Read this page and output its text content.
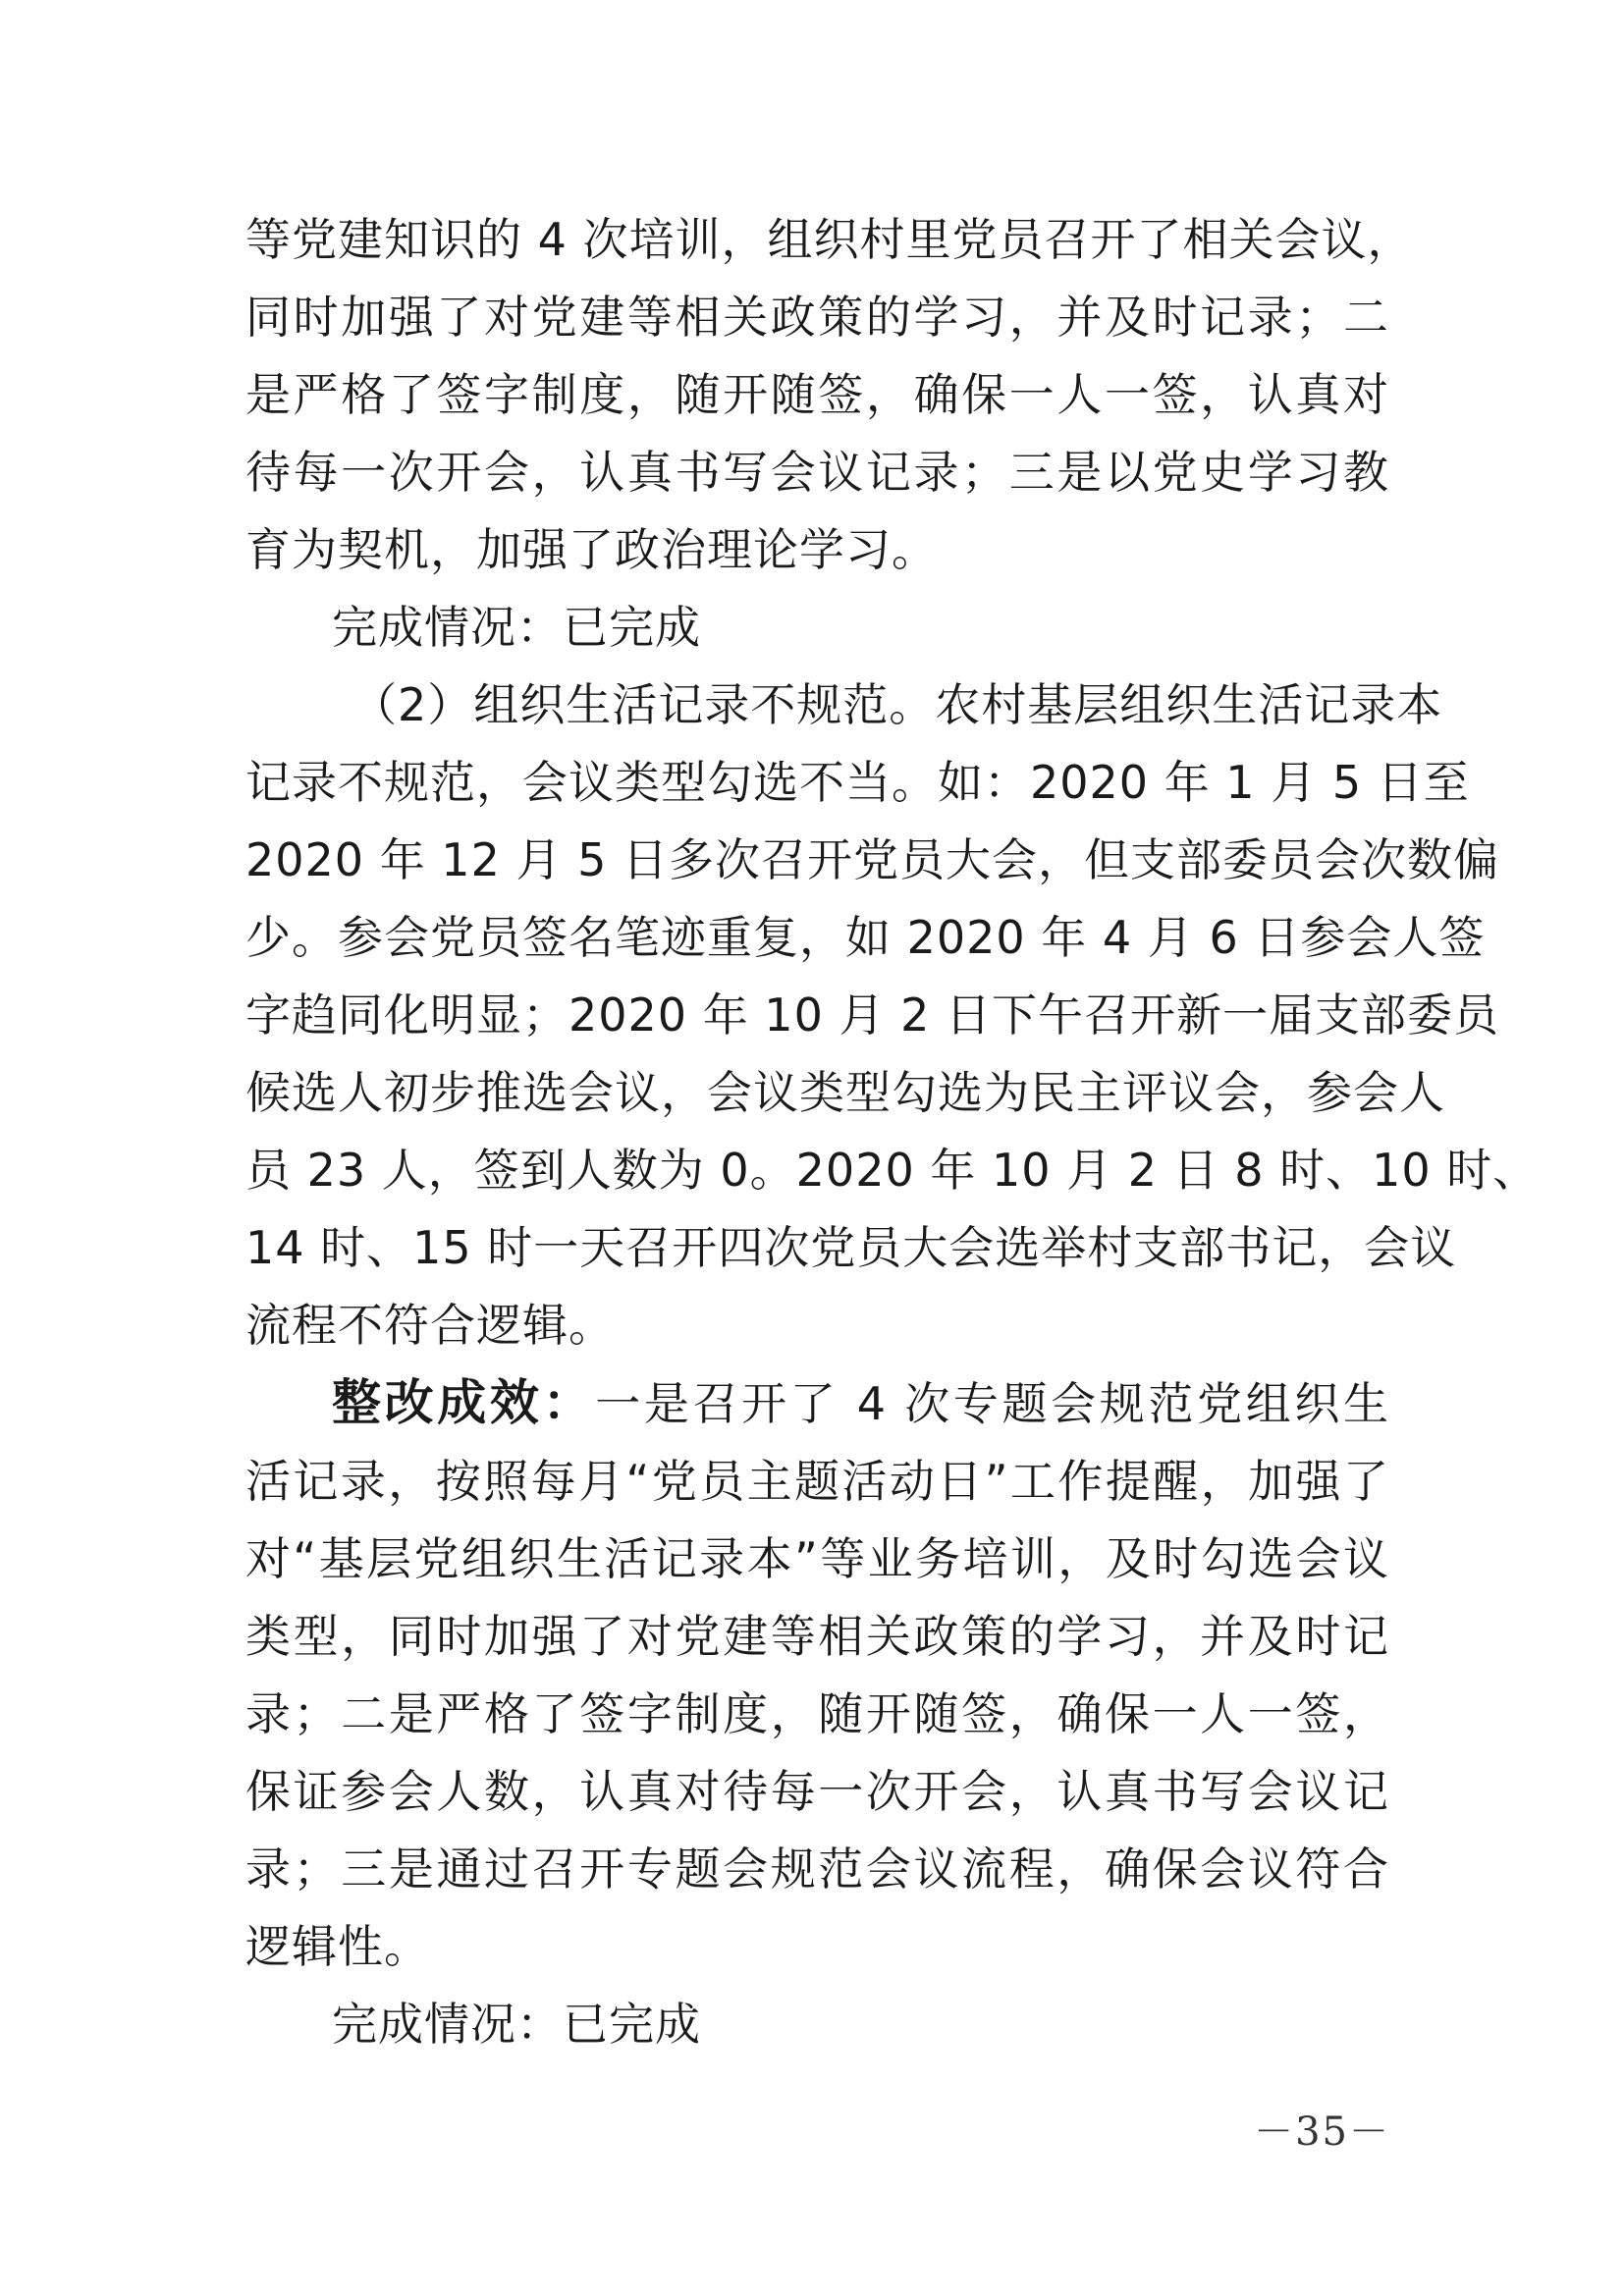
等党建知识的 4 次培训，组织村里党员召开了相关会议，
同时加强了对党建等相关政策的学习，并及时记录；二
是严格了签字制度，随开随签，确保一人一签，认真对
待每一次开会，认真书写会议记录；三是以党史学习教
育为契机，加强了政治理论学习。

完成情况：已完成

（2）组织生活记录不规范。农村基层组织生活记录本
记录不规范，会议类型勾选不当。如：2020 年 1 月 5 日至
2020 年 12 月 5 日多次召开党员大会，但支部委员会次数偏
少。参会党员签名笔迹重复，如 2020 年 4 月 6 日参会人签
字趋同化明显；2020 年 10 月 2 日下午召开新一届支部委员
候选人初步推选会议，会议类型勾选为民主评议会，参会人
员 23 人，签到人数为 0。2020 年 10 月 2 日 8 时、10 时、
14 时、15 时一天召开四次党员大会选举村支部书记，会议
流程不符合逻辑。

整改成效：一是召开了 4 次专题会规范党组织生
活记录，按照每月“党员主题活动日”工作提醒，加强了
对“基层党组织生活记录本”等业务培训，及时勾选会议
类型，同时加强了对党建等相关政策的学习，并及时记
录；二是严格了签字制度，随开随签，确保一人一签，
保证参会人数，认真对待每一次开会，认真书写会议记
录；三是通过召开专题会规范会议流程，确保会议符合
逻辑性。

完成情况：已完成

－35－
